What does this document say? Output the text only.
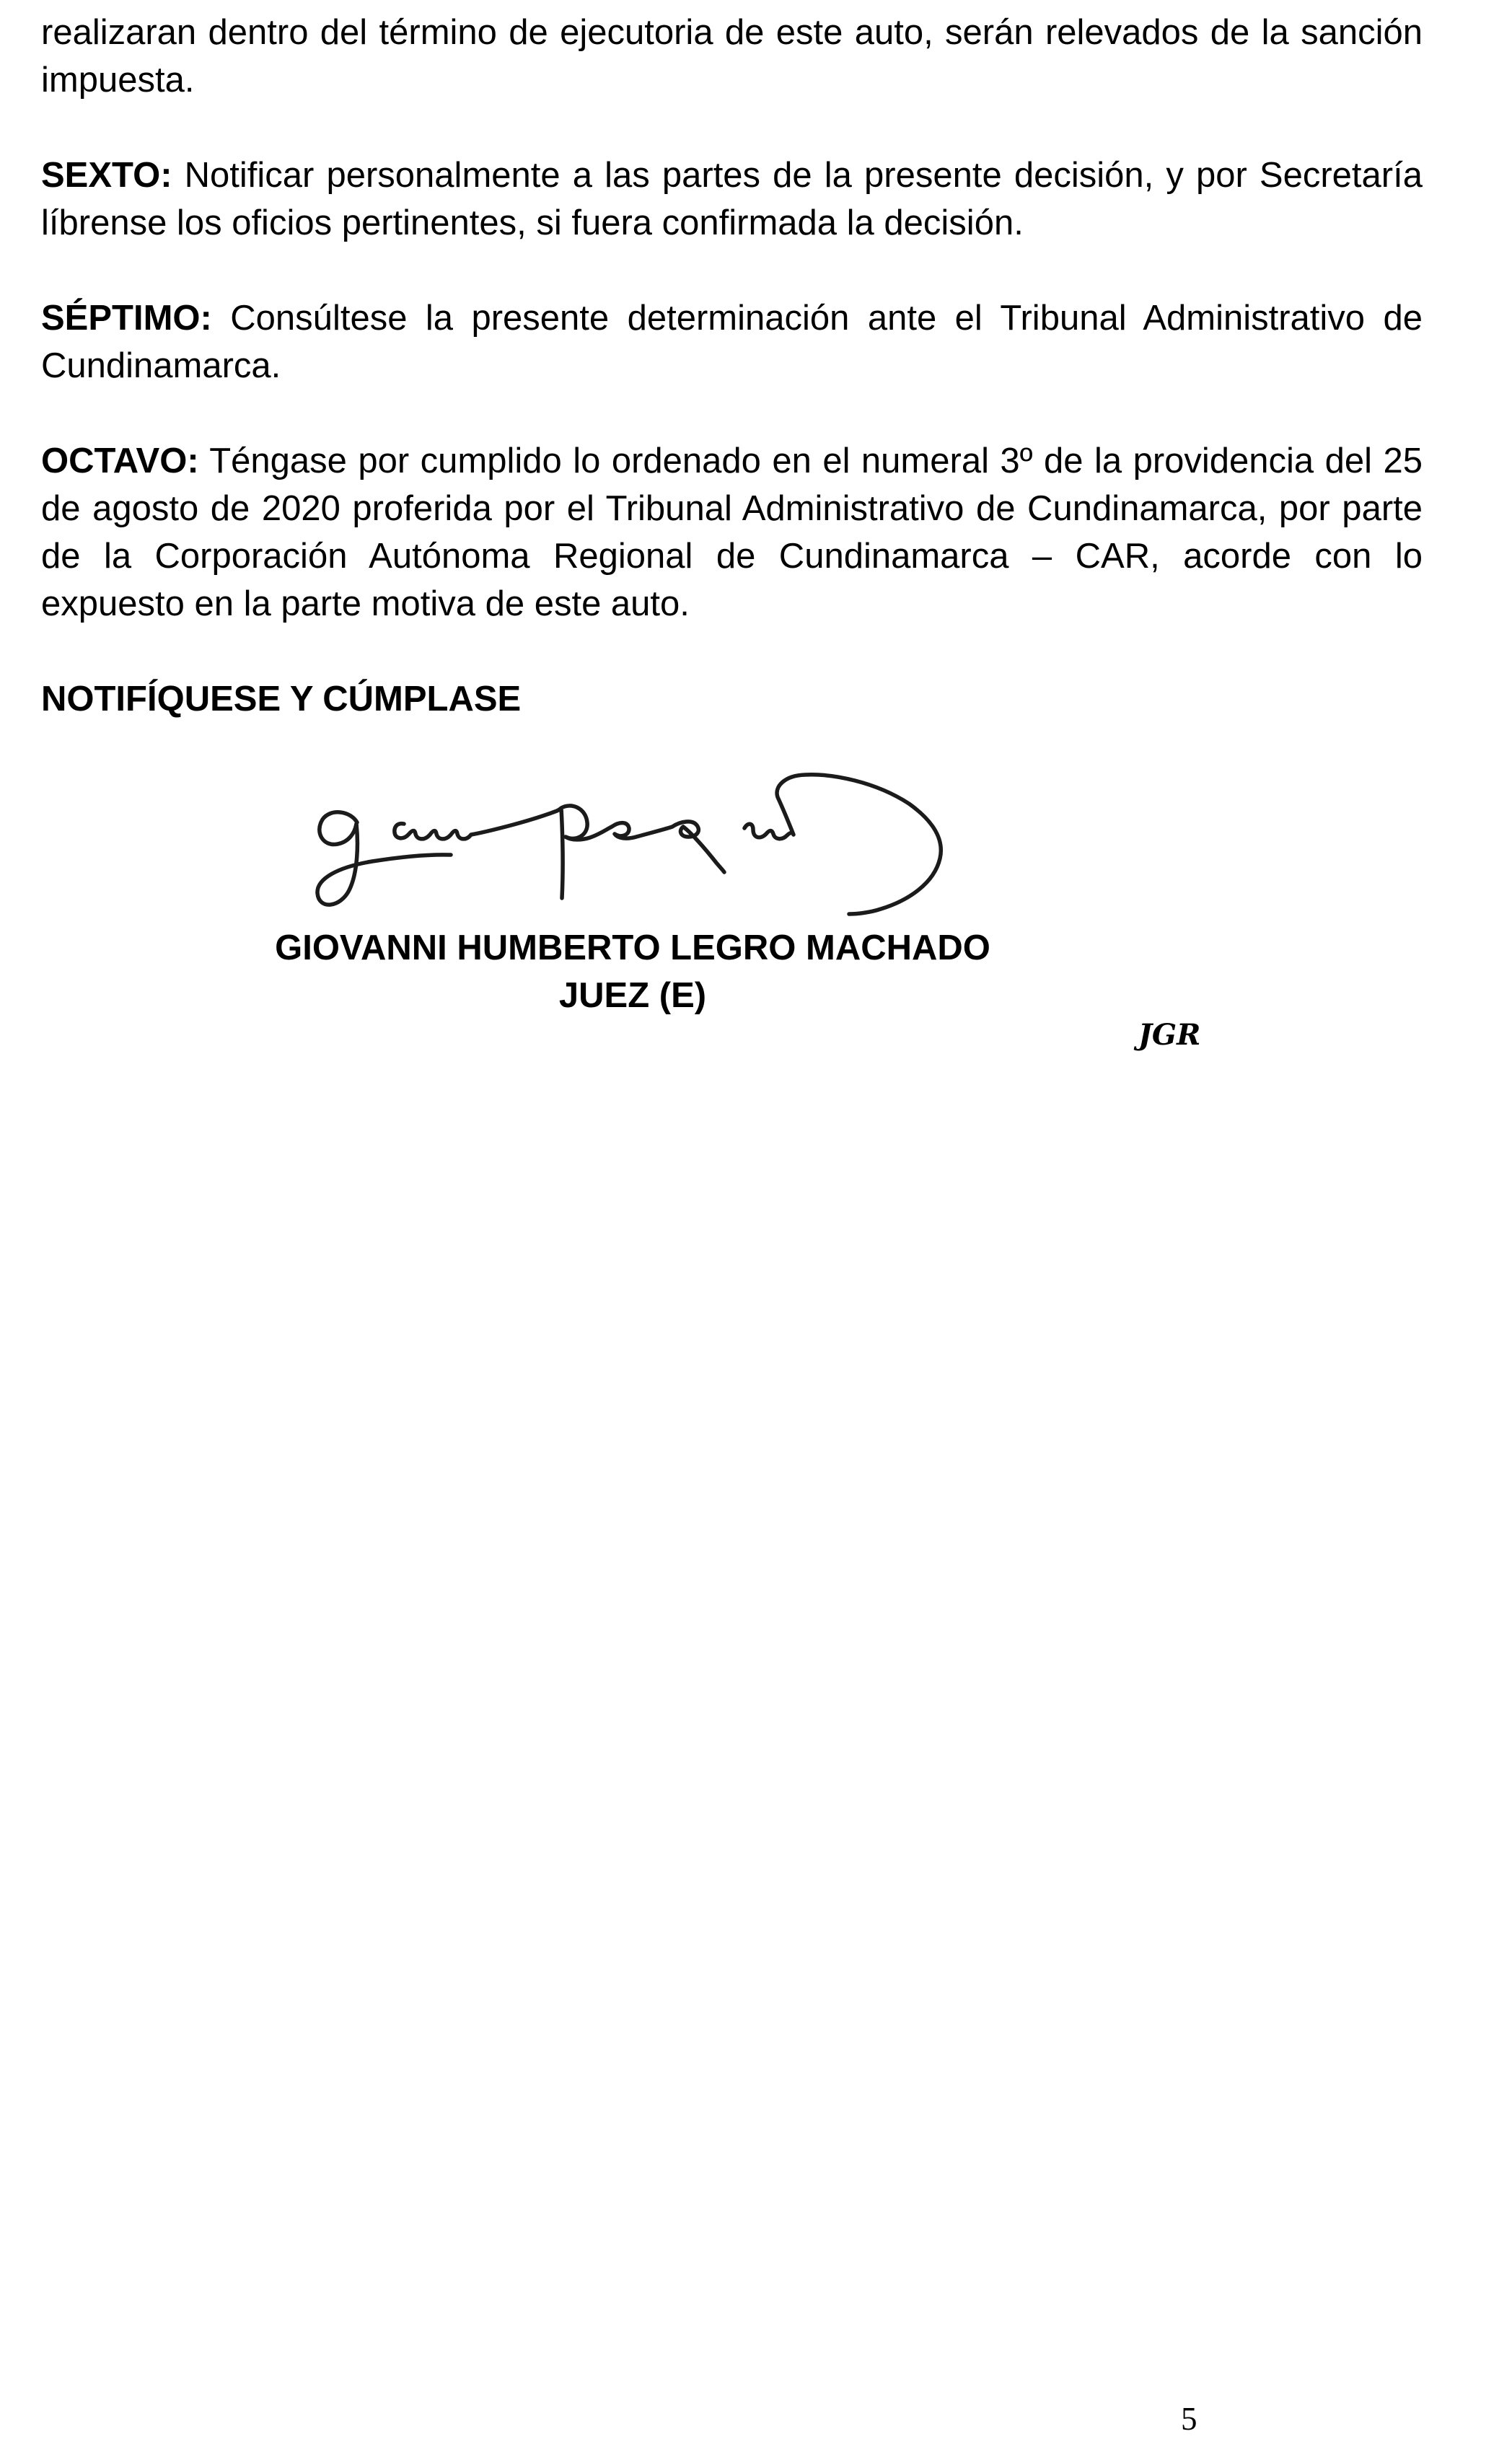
realizaran dentro del término de ejecutoria de este auto, serán relevados de la sanción impuesta.

SEXTO: Notificar personalmente a las partes de la presente decisión, y por Secretaría líbrense los oficios pertinentes, si fuera confirmada la decisión.

SÉPTIMO: Consúltese la presente determinación ante el Tribunal Administrativo de Cundinamarca.

OCTAVO: Téngase por cumplido lo ordenado en el numeral 3º de la providencia del 25 de agosto de 2020 proferida por el Tribunal Administrativo de Cundinamarca, por parte de la Corporación Autónoma Regional de Cundinamarca – CAR, acorde con lo expuesto en la parte motiva de este auto.

NOTIFÍQUESE Y CÚMPLASE

GIOVANNI HUMBERTO LEGRO MACHADO
JUEZ (E)
JGR
5
